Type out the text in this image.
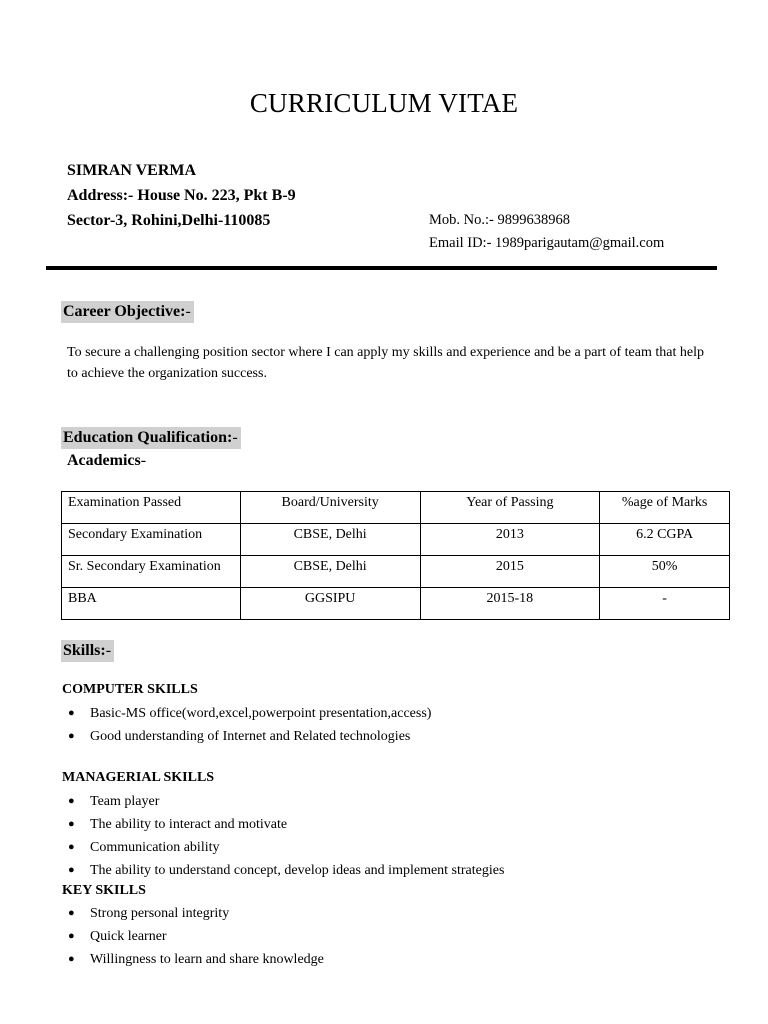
CURRICULUM VITAE
SIMRAN VERMA
Address:- House No. 223, Pkt B-9
Sector-3, Rohini,Delhi-110085	Mob. No.:- 9899638968
Email ID:- 1989parigautam@gmail.com
Career Objective:-
To secure a challenging position sector where I can apply my skills and experience and be a part of team that help to achieve the organization success.
Education Qualification:-
Academics-
Examination Passed	Board/University	Year of Passing	%age of Marks
Secondary Examination	CBSE, Delhi	2013	6.2 CGPA
Sr. Secondary Examination	CBSE, Delhi	2015	50%
BBA	GGSIPU	2015-18	-
Skills:-
COMPUTER SKILLS
● Basic-MS office(word,excel,powerpoint presentation,access)
● Good understanding of Internet and Related technologies
MANAGERIAL SKILLS
● Team player
● The ability to interact and motivate
● Communication ability
● The ability to understand concept, develop ideas and implement strategies
KEY SKILLS
● Strong personal integrity
● Quick learner
● Willingness to learn and share knowledge
